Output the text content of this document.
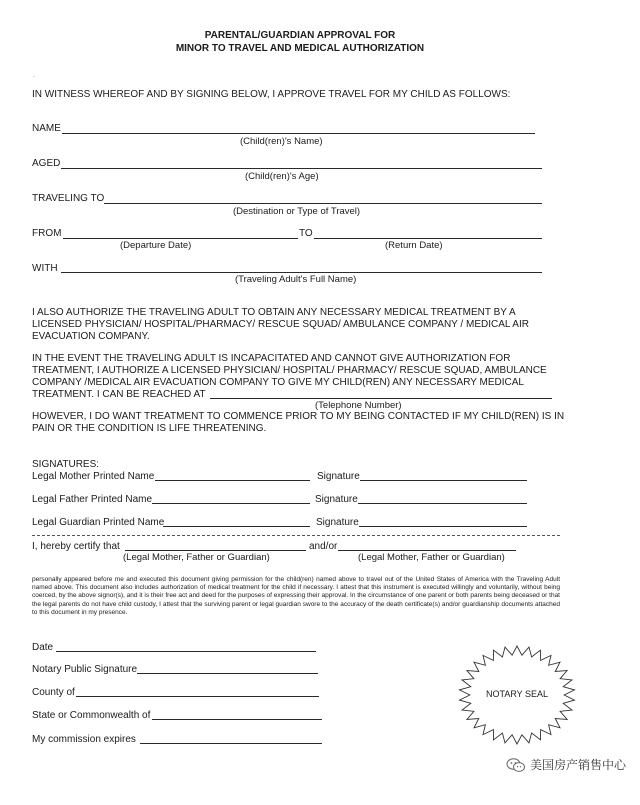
PARENTAL/GUARDIAN APPROVAL FOR
MINOR TO TRAVEL AND MEDICAL AUTHORIZATION
·
IN WITNESS WHEREOF AND BY SIGNING BELOW, I APPROVE TRAVEL FOR MY CHILD AS FOLLOWS:
NAME
(Child(ren)'s Name)
AGED
(Child(ren)'s Age)
TRAVELING TO
(Destination or Type of Travel)
FROM	TO
(Departure Date)	(Return Date)
WITH
(Traveling Adult's Full Name)
I ALSO AUTHORIZE THE TRAVELING ADULT TO OBTAIN ANY NECESSARY MEDICAL TREATMENT BY A
LICENSED PHYSICIAN/ HOSPITAL/PHARMACY/ RESCUE SQUAD/ AMBULANCE COMPANY / MEDICAL AIR
EVACUATION COMPANY.
IN THE EVENT THE TRAVELING ADULT IS INCAPACITATED AND CANNOT GIVE AUTHORIZATION FOR
TREATMENT, I AUTHORIZE A LICENSED PHYSICIAN/ HOSPITAL/ PHARMACY/ RESCUE SQUAD, AMBULANCE
COMPANY /MEDICAL AIR EVACUATION COMPANY TO GIVE MY CHILD(REN) ANY NECESSARY MEDICAL
TREATMENT. I CAN BE REACHED AT
(Telephone Number)
HOWEVER, I DO WANT TREATMENT TO COMMENCE PRIOR TO MY BEING CONTACTED IF MY CHILD(REN) IS IN
PAIN OR THE CONDITION IS LIFE THREATENING.
SIGNATURES:
Legal Mother Printed Name	Signature
Legal Father Printed Name	Signature
Legal Guardian Printed Name	Signature
I, hereby certify that	and/or
(Legal Mother, Father or Guardian)	(Legal Mother, Father or Guardian)
personally appeared before me and executed this document giving permission for the child(ren) named above to travel out of the United States of America with the Traveling Adult named above. This document also includes authorization of medical treatment for the child if necessary. I attest that this instrument is executed willingly and voluntarily, without being coerced, by the above signor(s), and it is their free act and deed for the purposes of expressing their approval. In the circumstance of one parent or both parents being deceased or that the legal parents do not have child custody, I attest that the surviving parent or legal guardian swore to the accuracy of the death certificate(s) and/or guardianship documents attached to this document in my presence.
Date
Notary Public Signature
County of
State or Commonwealth of
My commission expires
NOTARY SEAL
美国房产销售中心
